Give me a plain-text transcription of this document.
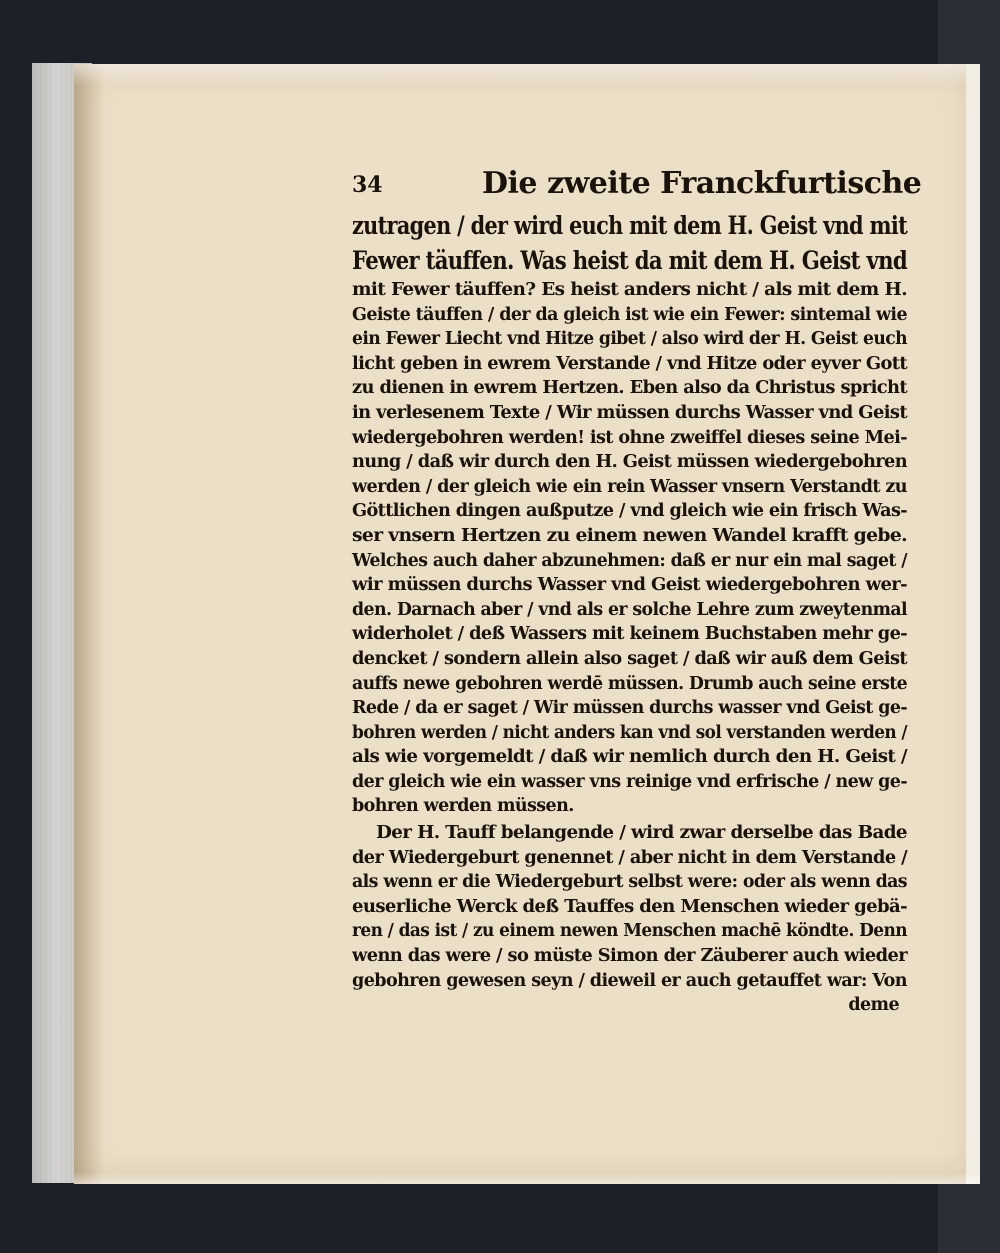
34	Die zweite Franckfurtische
zutragen / der wird euch mit dem H. Geist vnd mit
Fewer täuffen. Was heist da mit dem H. Geist vnd
mit Fewer täuffen? Es heist anders nicht / als mit dem H.
Geiste täuffen / der da gleich ist wie ein Fewer: sintemal wie
ein Fewer Liecht vnd Hitze gibet / also wird der H. Geist euch
licht geben in ewrem Verstande / vnd Hitze oder eyver Gott
zu dienen in ewrem Hertzen. Eben also da Christus spricht
in verlesenem Texte / Wir müssen durchs Wasser vnd Geist
wiedergebohren werden! ist ohne zweiffel dieses seine Mei-
nung / daß wir durch den H. Geist müssen wiedergebohren
werden / der gleich wie ein rein Wasser vnsern Verstandt zu
Göttlichen dingen außputze / vnd gleich wie ein frisch Was-
ser vnsern Hertzen zu einem newen Wandel krafft gebe.
Welches auch daher abzunehmen: daß er nur ein mal saget /
wir müssen durchs Wasser vnd Geist wiedergebohren wer-
den. Darnach aber / vnd als er solche Lehre zum zweytenmal
widerholet / deß Wassers mit keinem Buchstaben mehr ge-
dencket / sondern allein also saget / daß wir auß dem Geist
auffs newe gebohren werdē müssen. Drumb auch seine erste
Rede / da er saget / Wir müssen durchs wasser vnd Geist ge-
bohren werden / nicht anders kan vnd sol verstanden werden /
als wie vorgemeldt / daß wir nemlich durch den H. Geist /
der gleich wie ein wasser vns reinige vnd erfrische / new ge-
bohren werden müssen.
Der H. Tauff belangende / wird zwar derselbe das Bade
der Wiedergeburt genennet / aber nicht in dem Verstande /
als wenn er die Wiedergeburt selbst were: oder als wenn das
euserliche Werck deß Tauffes den Menschen wieder gebä-
ren / das ist / zu einem newen Menschen machē köndte. Denn
wenn das were / so müste Simon der Zäuberer auch wieder
gebohren gewesen seyn / dieweil er auch getauffet war: Von
deme
